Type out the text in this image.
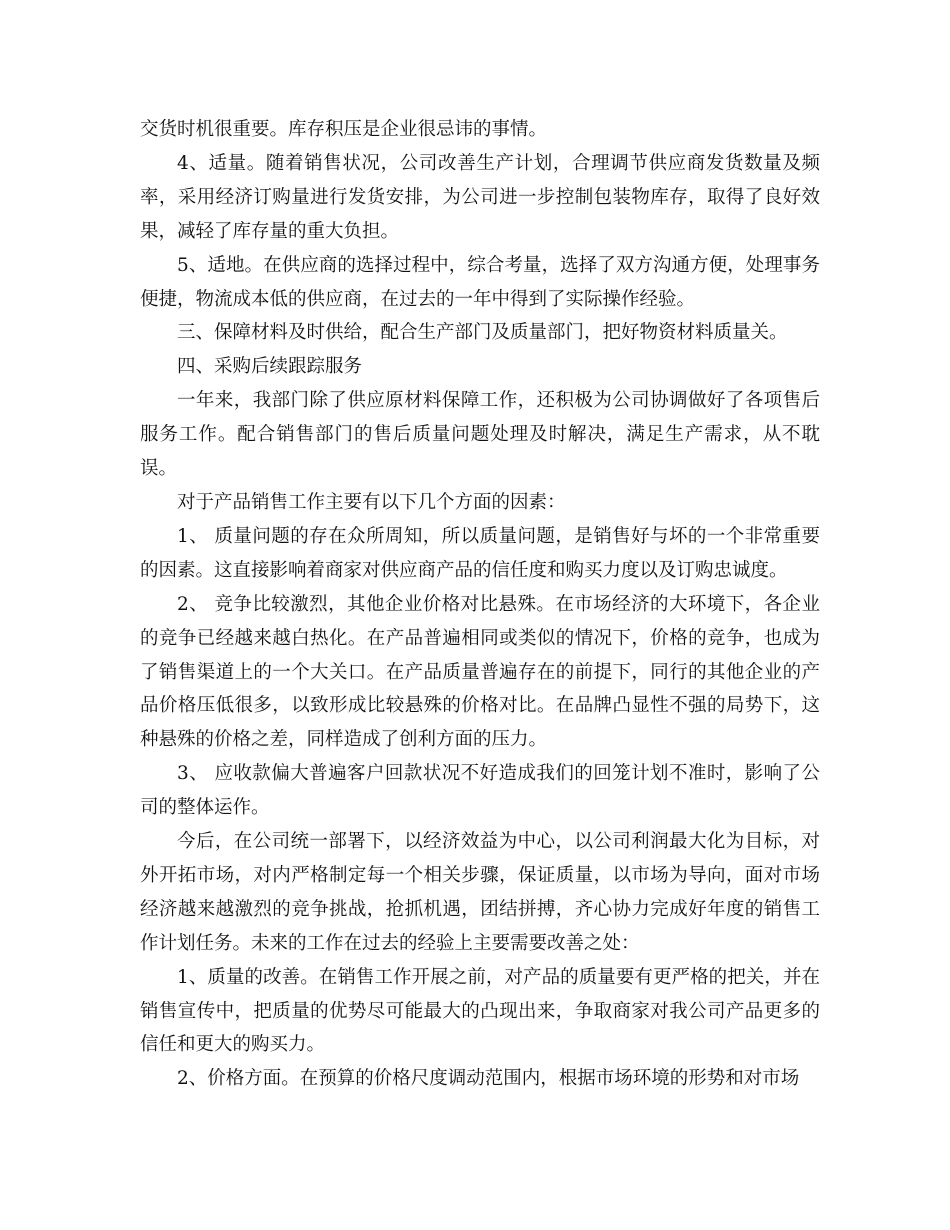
交货时机很重要。库存积压是企业很忌讳的事情。

4、适量。随着销售状况，公司改善生产计划，合理调节供应商发货数量及频率，采用经济订购量进行发货安排，为公司进一步控制包装物库存，取得了良好效果，减轻了库存量的重大负担。

5、适地。在供应商的选择过程中，综合考量，选择了双方沟通方便，处理事务便捷，物流成本低的供应商，在过去的一年中得到了实际操作经验。

三、保障材料及时供给，配合生产部门及质量部门，把好物资材料质量关。

四、采购后续跟踪服务

一年来，我部门除了供应原材料保障工作，还积极为公司协调做好了各项售后服务工作。配合销售部门的售后质量问题处理及时解决，满足生产需求，从不耽误。

对于产品销售工作主要有以下几个方面的因素：

1、 质量问题的存在众所周知，所以质量问题，是销售好与坏的一个非常重要的因素。这直接影响着商家对供应商产品的信任度和购买力度以及订购忠诚度。

2、 竞争比较激烈，其他企业价格对比悬殊。在市场经济的大环境下，各企业的竞争已经越来越白热化。在产品普遍相同或类似的情况下，价格的竞争，也成为了销售渠道上的一个大关口。在产品质量普遍存在的前提下，同行的其他企业的产品价格压低很多，以致形成比较悬殊的价格对比。在品牌凸显性不强的局势下，这种悬殊的价格之差，同样造成了创利方面的压力。

3、 应收款偏大普遍客户回款状况不好造成我们的回笼计划不准时，影响了公司的整体运作。

今后，在公司统一部署下，以经济效益为中心，以公司利润最大化为目标，对外开拓市场，对内严格制定每一个相关步骤，保证质量，以市场为导向，面对市场经济越来越激烈的竞争挑战，抢抓机遇，团结拼搏，齐心协力完成好年度的销售工作计划任务。未来的工作在过去的经验上主要需要改善之处：

1、质量的改善。在销售工作开展之前，对产品的质量要有更严格的把关，并在销售宣传中，把质量的优势尽可能最大的凸现出来，争取商家对我公司产品更多的信任和更大的购买力。

2、价格方面。在预算的价格尺度调动范围内，根据市场环境的形势和对市场
